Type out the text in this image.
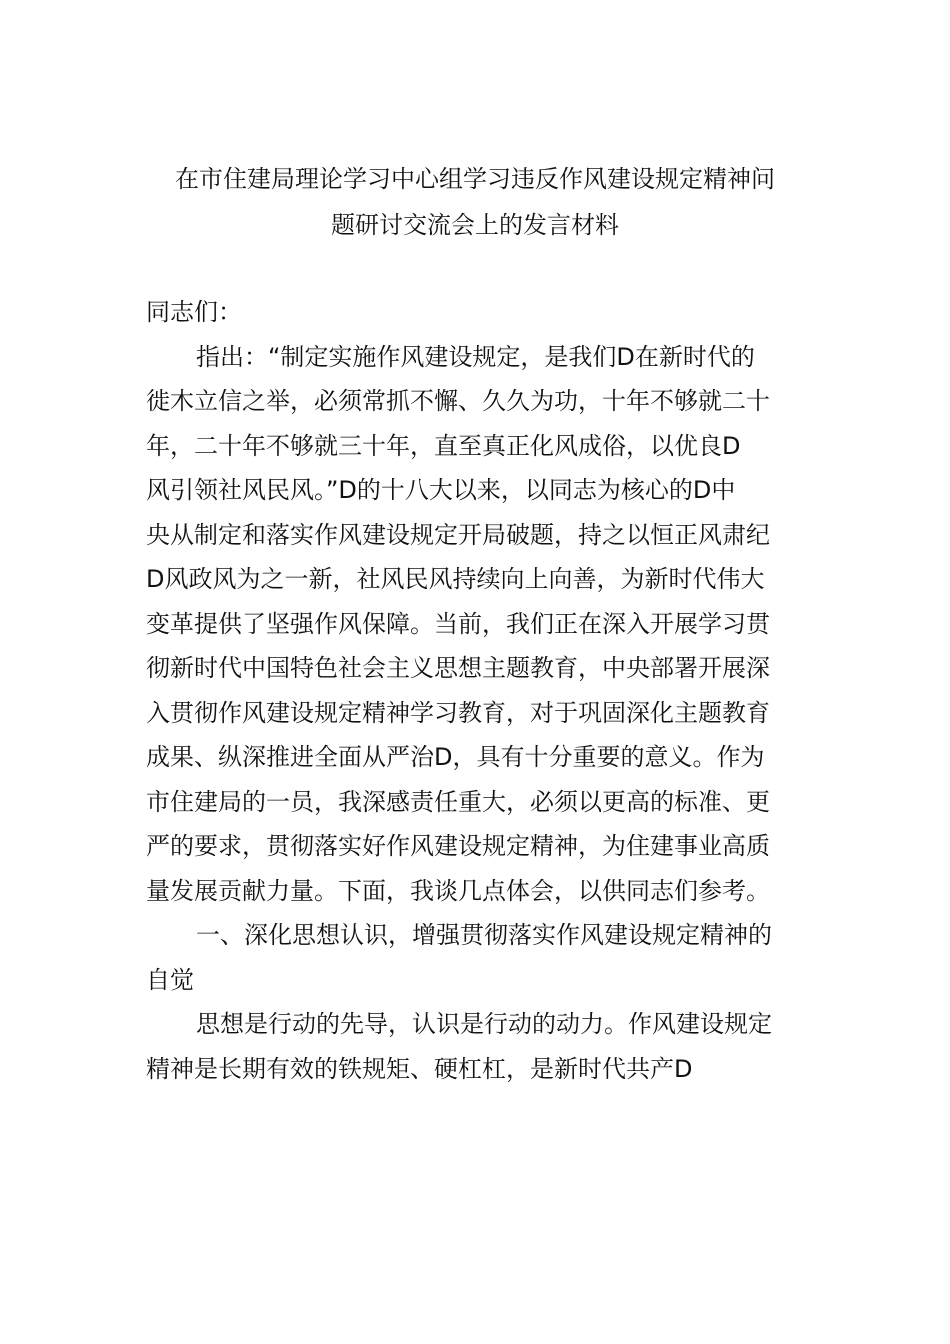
在市住建局理论学习中心组学习违反作风建设规定精神问
题研讨交流会上的发言材料
同志们：
指出：“制定实施作风建设规定，是我们D在新时代的
徙木立信之举，必须常抓不懈、久久为功，十年不够就二十
年，二十年不够就三十年，直至真正化风成俗，以优良D
风引领社风民风。”D的十八大以来，以同志为核心的D中
央从制定和落实作风建设规定开局破题，持之以恒正风肃纪
D风政风为之一新，社风民风持续向上向善，为新时代伟大
变革提供了坚强作风保障。当前，我们正在深入开展学习贯
彻新时代中国特色社会主义思想主题教育，中央部署开展深
入贯彻作风建设规定精神学习教育，对于巩固深化主题教育
成果、纵深推进全面从严治D，具有十分重要的意义。作为
市住建局的一员，我深感责任重大，必须以更高的标准、更
严的要求，贯彻落实好作风建设规定精神，为住建事业高质
量发展贡献力量。下面，我谈几点体会，以供同志们参考。
一、深化思想认识，增强贯彻落实作风建设规定精神的
自觉
思想是行动的先导，认识是行动的动力。作风建设规定
精神是长期有效的铁规矩、硬杠杠，是新时代共产D
